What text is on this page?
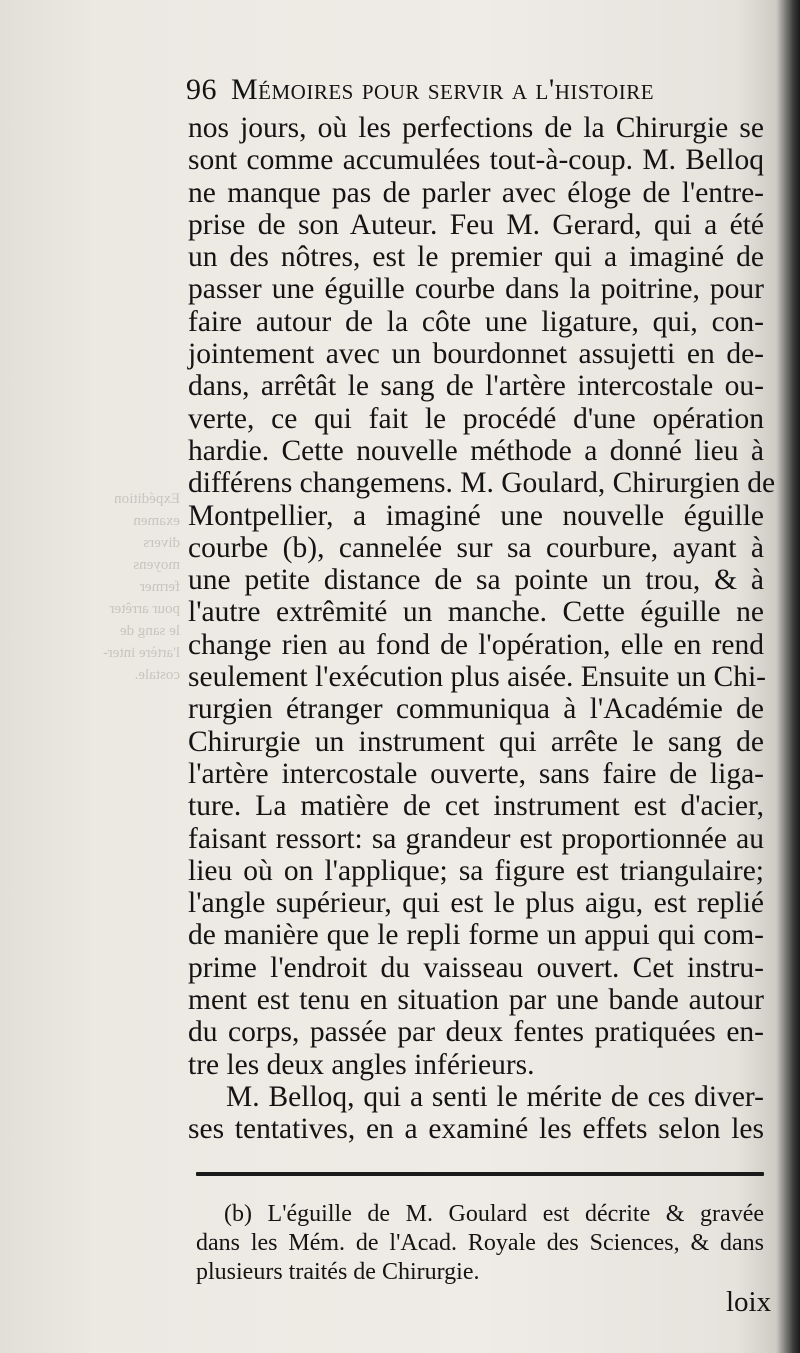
Expédition
examen
divers
moyens
fermer
pour arrêter
le sang de
l'artère inter-
costale.
96 Mémoires pour servir a l'histoire
nos jours, où les perfections de la Chirurgie se
sont comme accumulées tout-à-coup. M. Belloq
ne manque pas de parler avec éloge de l'entre-
prise de son Auteur. Feu M. Gerard, qui a été
un des nôtres, est le premier qui a imaginé de
passer une éguille courbe dans la poitrine, pour
faire autour de la côte une ligature, qui, con-
jointement avec un bourdonnet assujetti en de-
dans, arrêtât le sang de l'artère intercostale ou-
verte, ce qui fait le procédé d'une opération
hardie. Cette nouvelle méthode a donné lieu à
différens changemens. M. Goulard, Chirurgien de
Montpellier, a imaginé une nouvelle éguille
courbe (b), cannelée sur sa courbure, ayant à
une petite distance de sa pointe un trou, & à
l'autre extrêmité un manche. Cette éguille ne
change rien au fond de l'opération, elle en rend
seulement l'exécution plus aisée. Ensuite un Chi-
rurgien étranger communiqua à l'Académie de
Chirurgie un instrument qui arrête le sang de
l'artère intercostale ouverte, sans faire de liga-
ture. La matière de cet instrument est d'acier,
faisant ressort: sa grandeur est proportionnée au
lieu où on l'applique; sa figure est triangulaire;
l'angle supérieur, qui est le plus aigu, est replié
de manière que le repli forme un appui qui com-
prime l'endroit du vaisseau ouvert. Cet instru-
ment est tenu en situation par une bande autour
du corps, passée par deux fentes pratiquées en-
tre les deux angles inférieurs.
M. Belloq, qui a senti le mérite de ces diver-
ses tentatives, en a examiné les effets selon les
(b) L'éguille de M. Goulard est décrite & gravée
dans les Mém. de l'Acad. Royale des Sciences, & dans
plusieurs traités de Chirurgie.
loix
